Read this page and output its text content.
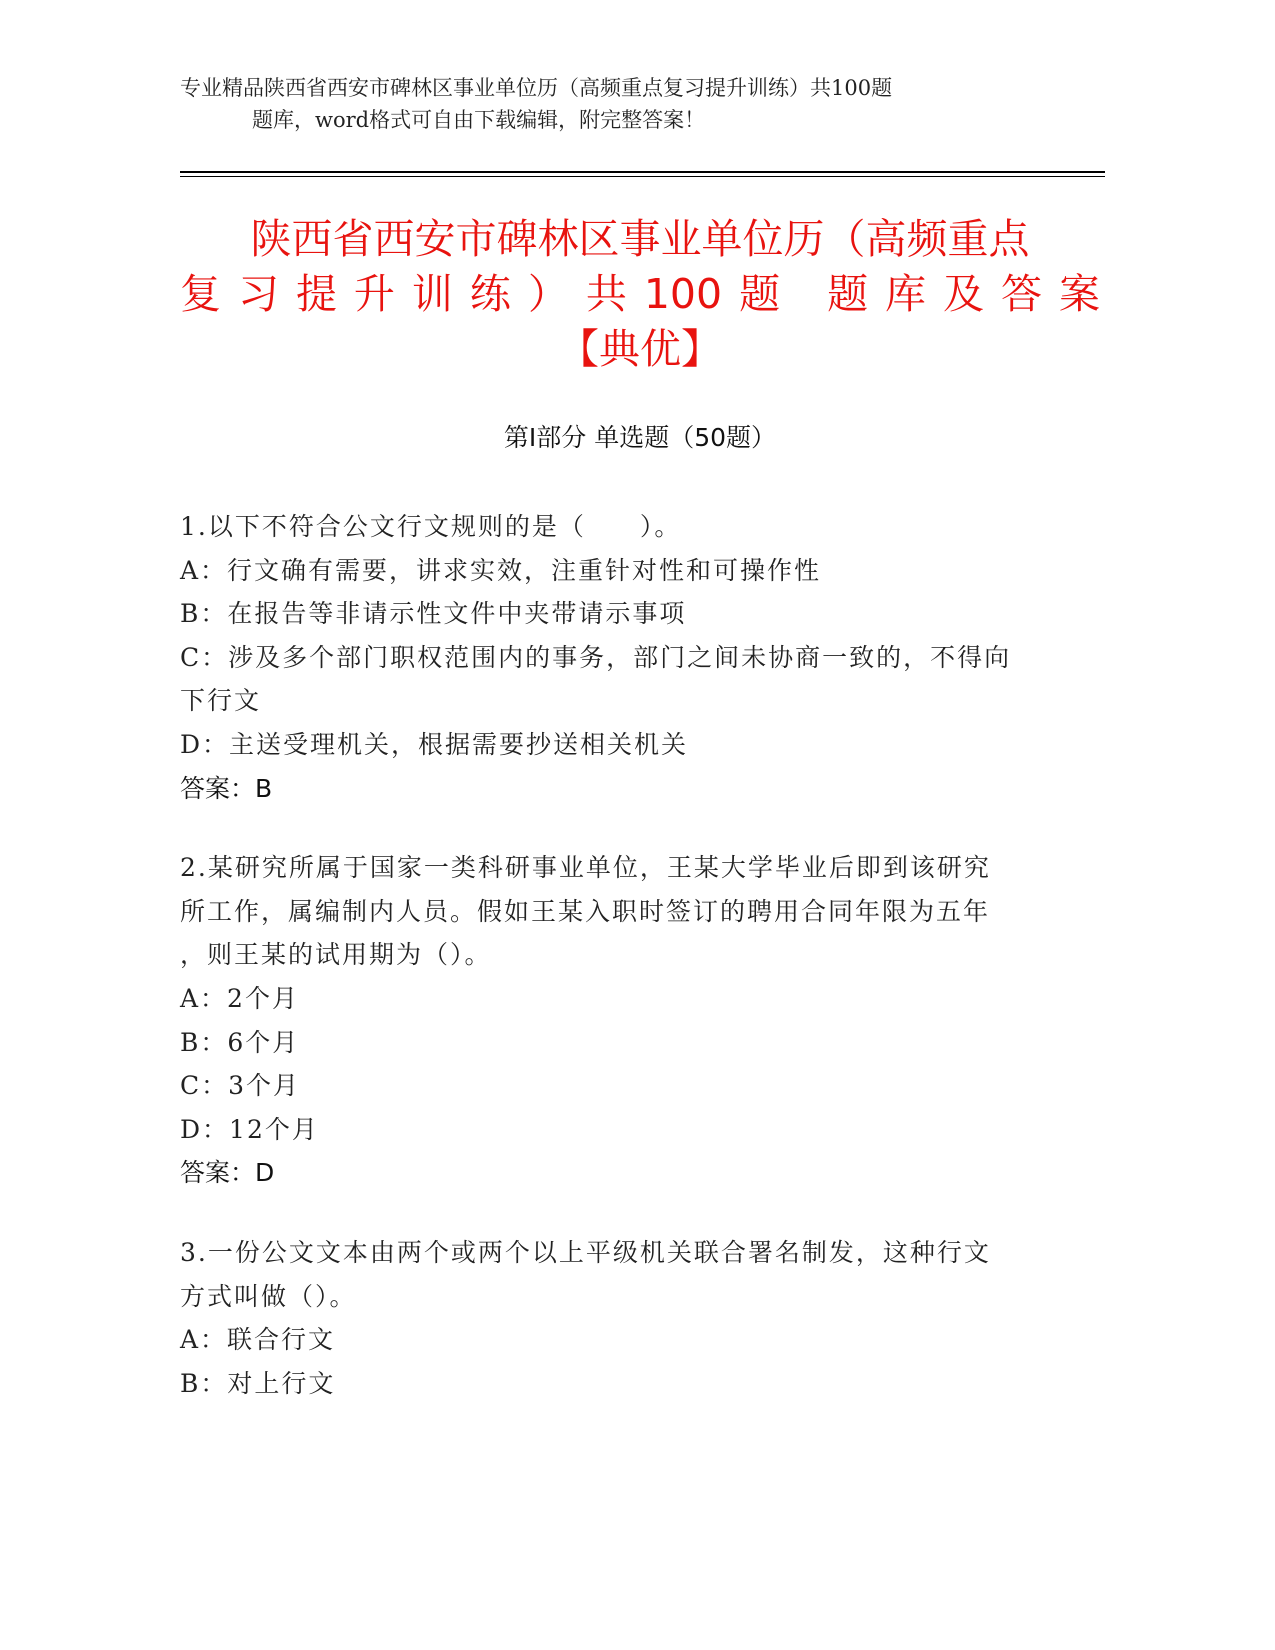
专业精品陕西省西安市碑林区事业单位历（高频重点复习提升训练）共100题
题库，word格式可自由下载编辑，附完整答案！
陕西省西安市碑林区事业单位历（高频重点
复习提升训练）共100题 题库及答案
【典优】
第Ⅰ部分 单选题（50题）
1.以下不符合公文行文规则的是（　　）。
A：行文确有需要，讲求实效，注重针对性和可操作性
B：在报告等非请示性文件中夹带请示事项
C：涉及多个部门职权范围内的事务，部门之间未协商一致的，不得向
下行文
D：主送受理机关，根据需要抄送相关机关
答案：B
2.某研究所属于国家一类科研事业单位，王某大学毕业后即到该研究
所工作，属编制内人员。假如王某入职时签订的聘用合同年限为五年
，则王某的试用期为（）。
A：2个月
B：6个月
C：3个月
D：12个月
答案：D
3.一份公文文本由两个或两个以上平级机关联合署名制发，这种行文
方式叫做（）。
A：联合行文
B：对上行文
